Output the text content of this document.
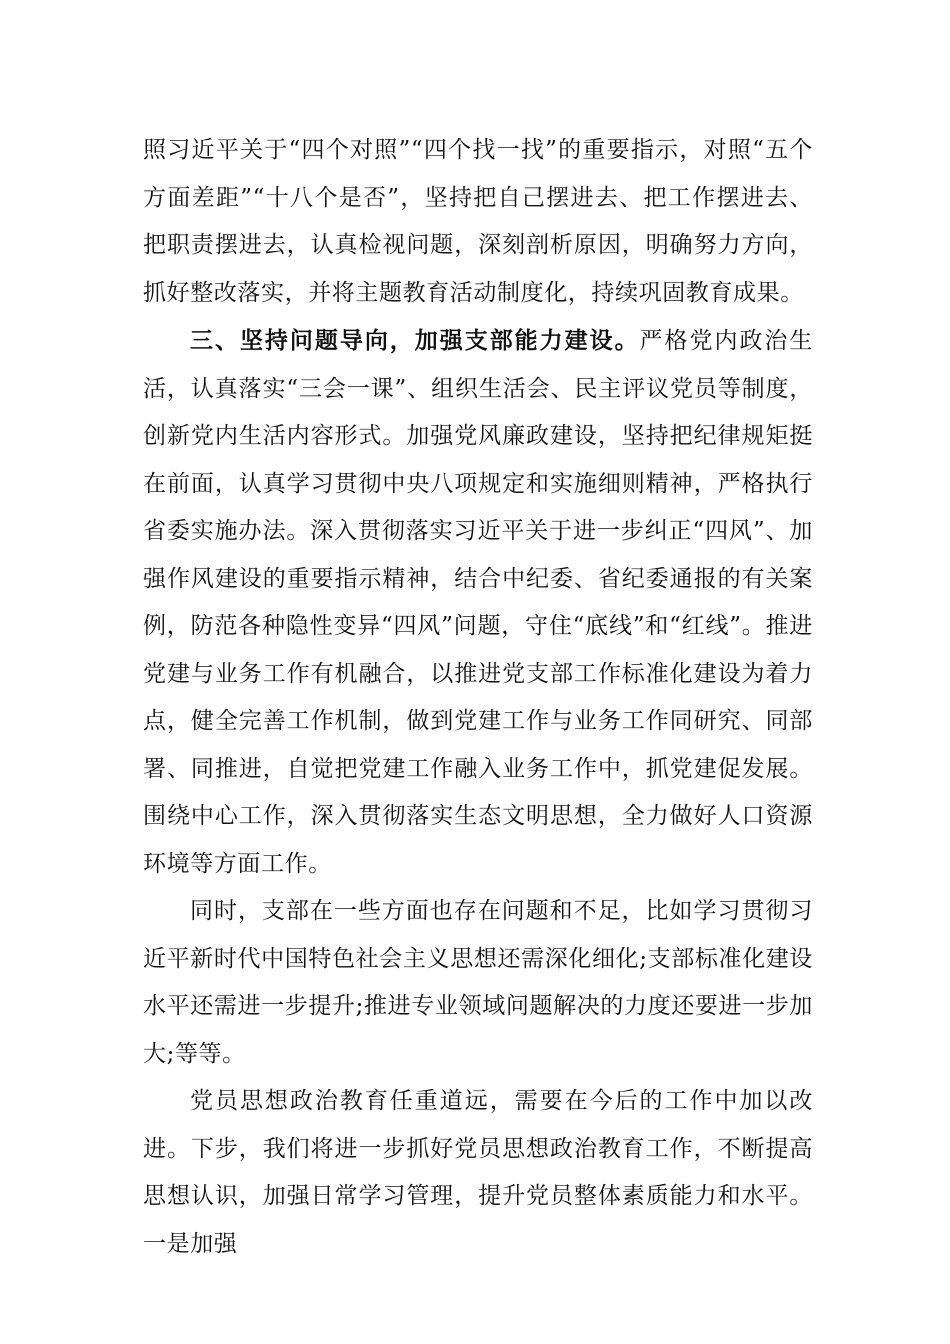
照习近平关于“四个对照”“四个找一找”的重要指示，对照“五个方面差距”“十八个是否”，坚持把自己摆进去、把工作摆进去、把职责摆进去，认真检视问题，深刻剖析原因，明确努力方向，抓好整改落实，并将主题教育活动制度化，持续巩固教育成果。

三、坚持问题导向，加强支部能力建设。严格党内政治生活，认真落实“三会一课”、组织生活会、民主评议党员等制度，创新党内生活内容形式。加强党风廉政建设，坚持把纪律规矩挺在前面，认真学习贯彻中央八项规定和实施细则精神，严格执行省委实施办法。深入贯彻落实习近平关于进一步纠正“四风”、加强作风建设的重要指示精神，结合中纪委、省纪委通报的有关案例，防范各种隐性变异“四风”问题，守住“底线”和“红线”。推进党建与业务工作有机融合，以推进党支部工作标准化建设为着力点，健全完善工作机制，做到党建工作与业务工作同研究、同部署、同推进，自觉把党建工作融入业务工作中，抓党建促发展。围绕中心工作，深入贯彻落实生态文明思想，全力做好人口资源环境等方面工作。

同时，支部在一些方面也存在问题和不足，比如学习贯彻习近平新时代中国特色社会主义思想还需深化细化;支部标准化建设水平还需进一步提升;推进专业领域问题解决的力度还要进一步加大;等等。

党员思想政治教育任重道远，需要在今后的工作中加以改进。下步，我们将进一步抓好党员思想政治教育工作，不断提高思想认识，加强日常学习管理，提升党员整体素质能力和水平。一是加强
